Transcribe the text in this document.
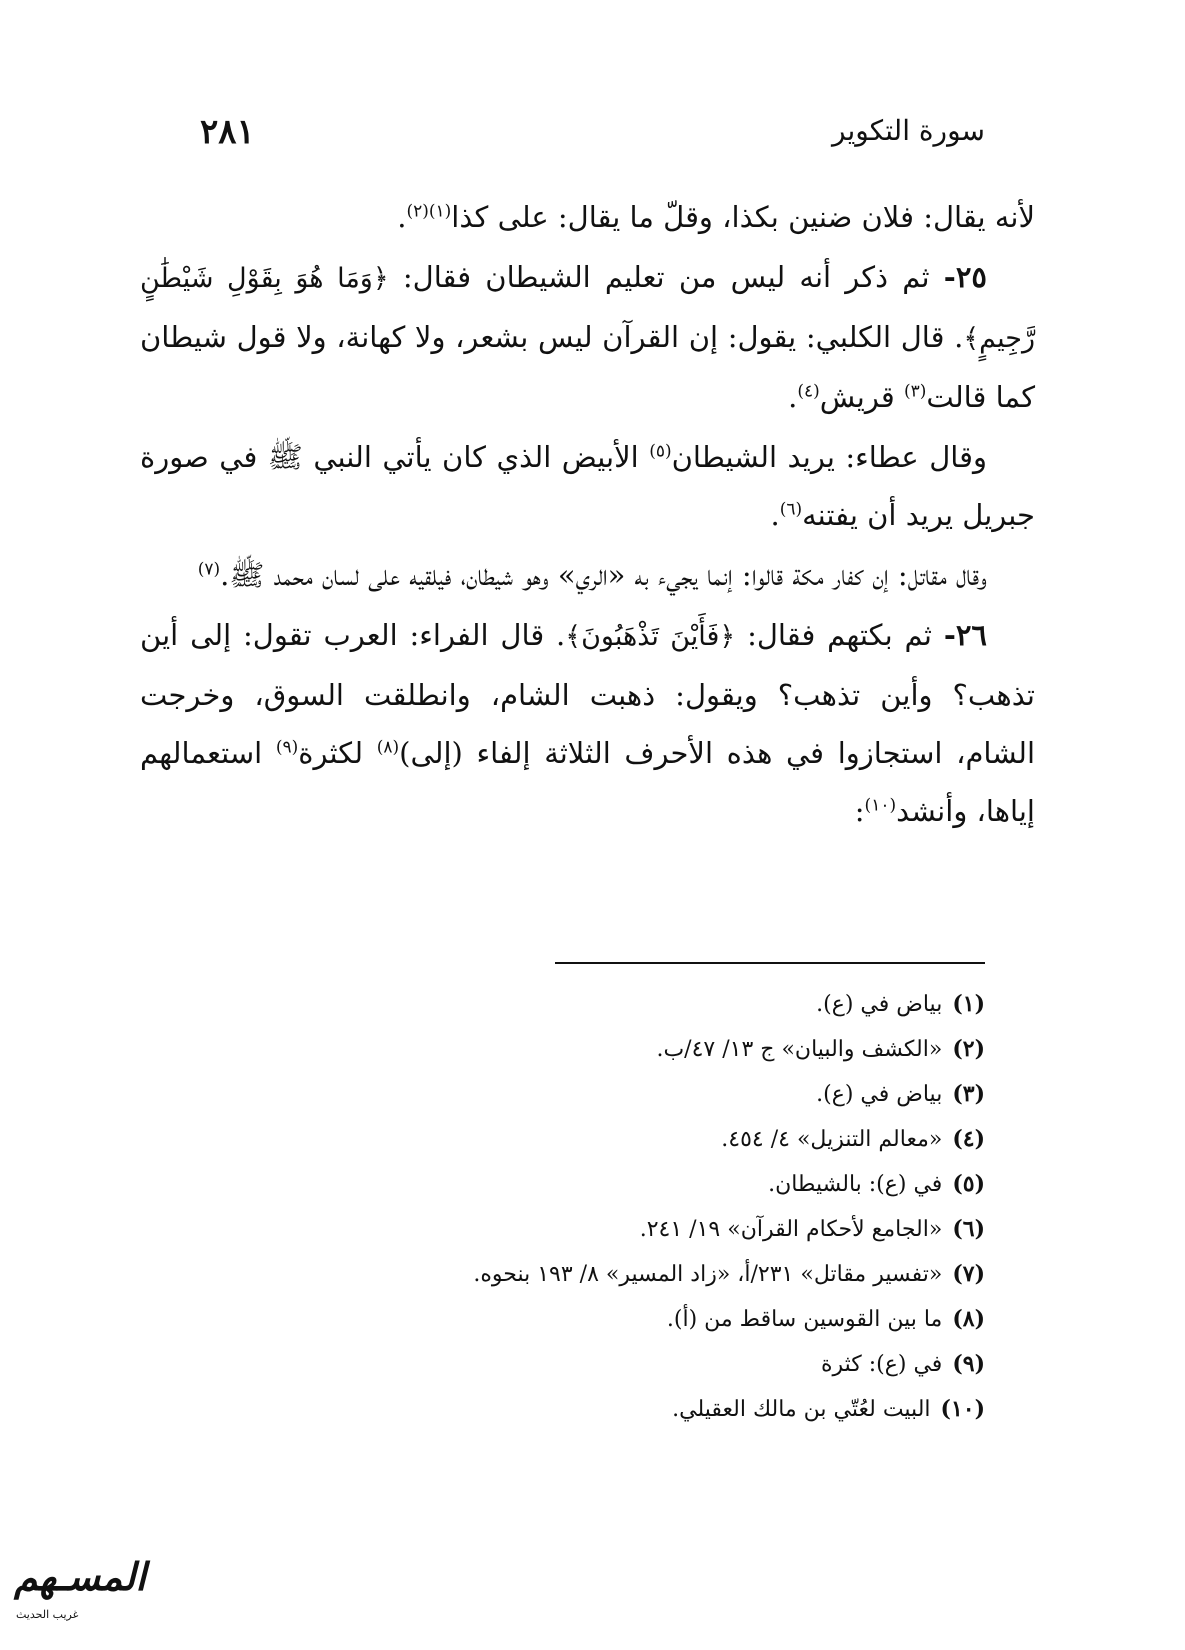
٢٨١	سورة التكوير

لأنه يقال: فلان ضنين بكذا، وقلّ ما يقال: على كذا$^{(١)(٢)}$.

٢٥- ثم ذكر أنه ليس من تعليم الشيطان فقال: ﴿وَمَا هُوَ بِقَوْلِ شَيْطَٰنٍ رَّجِيمٍ﴾. قال الكلبي: يقول: إن القرآن ليس بشعر، ولا كهانة، ولا قول شيطان كما قالت$^{(٣)}$ قريش$^{(٤)}$.

وقال عطاء: يريد الشيطان$^{(٥)}$ الأبيض الذي كان يأتي النبي ﷺ في صورة جبريل يريد أن يفتنه$^{(٦)}$.

وقال مقاتل: إن كفار مكة قالوا: إنما يجيء به «الري» وهو شيطان، فيلقيه على لسان محمد ﷺ.$^{(٧)}$

٢٦- ثم بكتهم فقال: ﴿فَأَيْنَ تَذْهَبُونَ﴾. قال الفراء: العرب تقول: إلى أين تذهب؟ وأين تذهب؟ ويقول: ذهبت الشام، وانطلقت السوق، وخرجت الشام، استجازوا في هذه الأحرف الثلاثة إلفاء (إلى)$^{(٨)}$ لكثرة$^{(٩)}$ استعمالهم إياها، وأنشد$^{(١٠)}$:

(١)بياض في (ع).
(٢)«الكشف والبيان» ج ١٣/ ٤٧/ب.
(٣)بياض في (ع).
(٤)«معالم التنزيل» ٤/ ٤٥٤.
(٥)في (ع): بالشيطان.
(٦)«الجامع لأحكام القرآن» ١٩/ ٢٤١.
(٧)«تفسير مقاتل» ٢٣١/أ، «زاد المسير» ٨/ ١٩٣ بنحوه.
(٨)ما بين القوسين ساقط من (أ).
(٩)في (ع): كثرة
(١٠)البيت لعُتّي بن مالك العقيلي.
المسـهم
غريب الحديث
